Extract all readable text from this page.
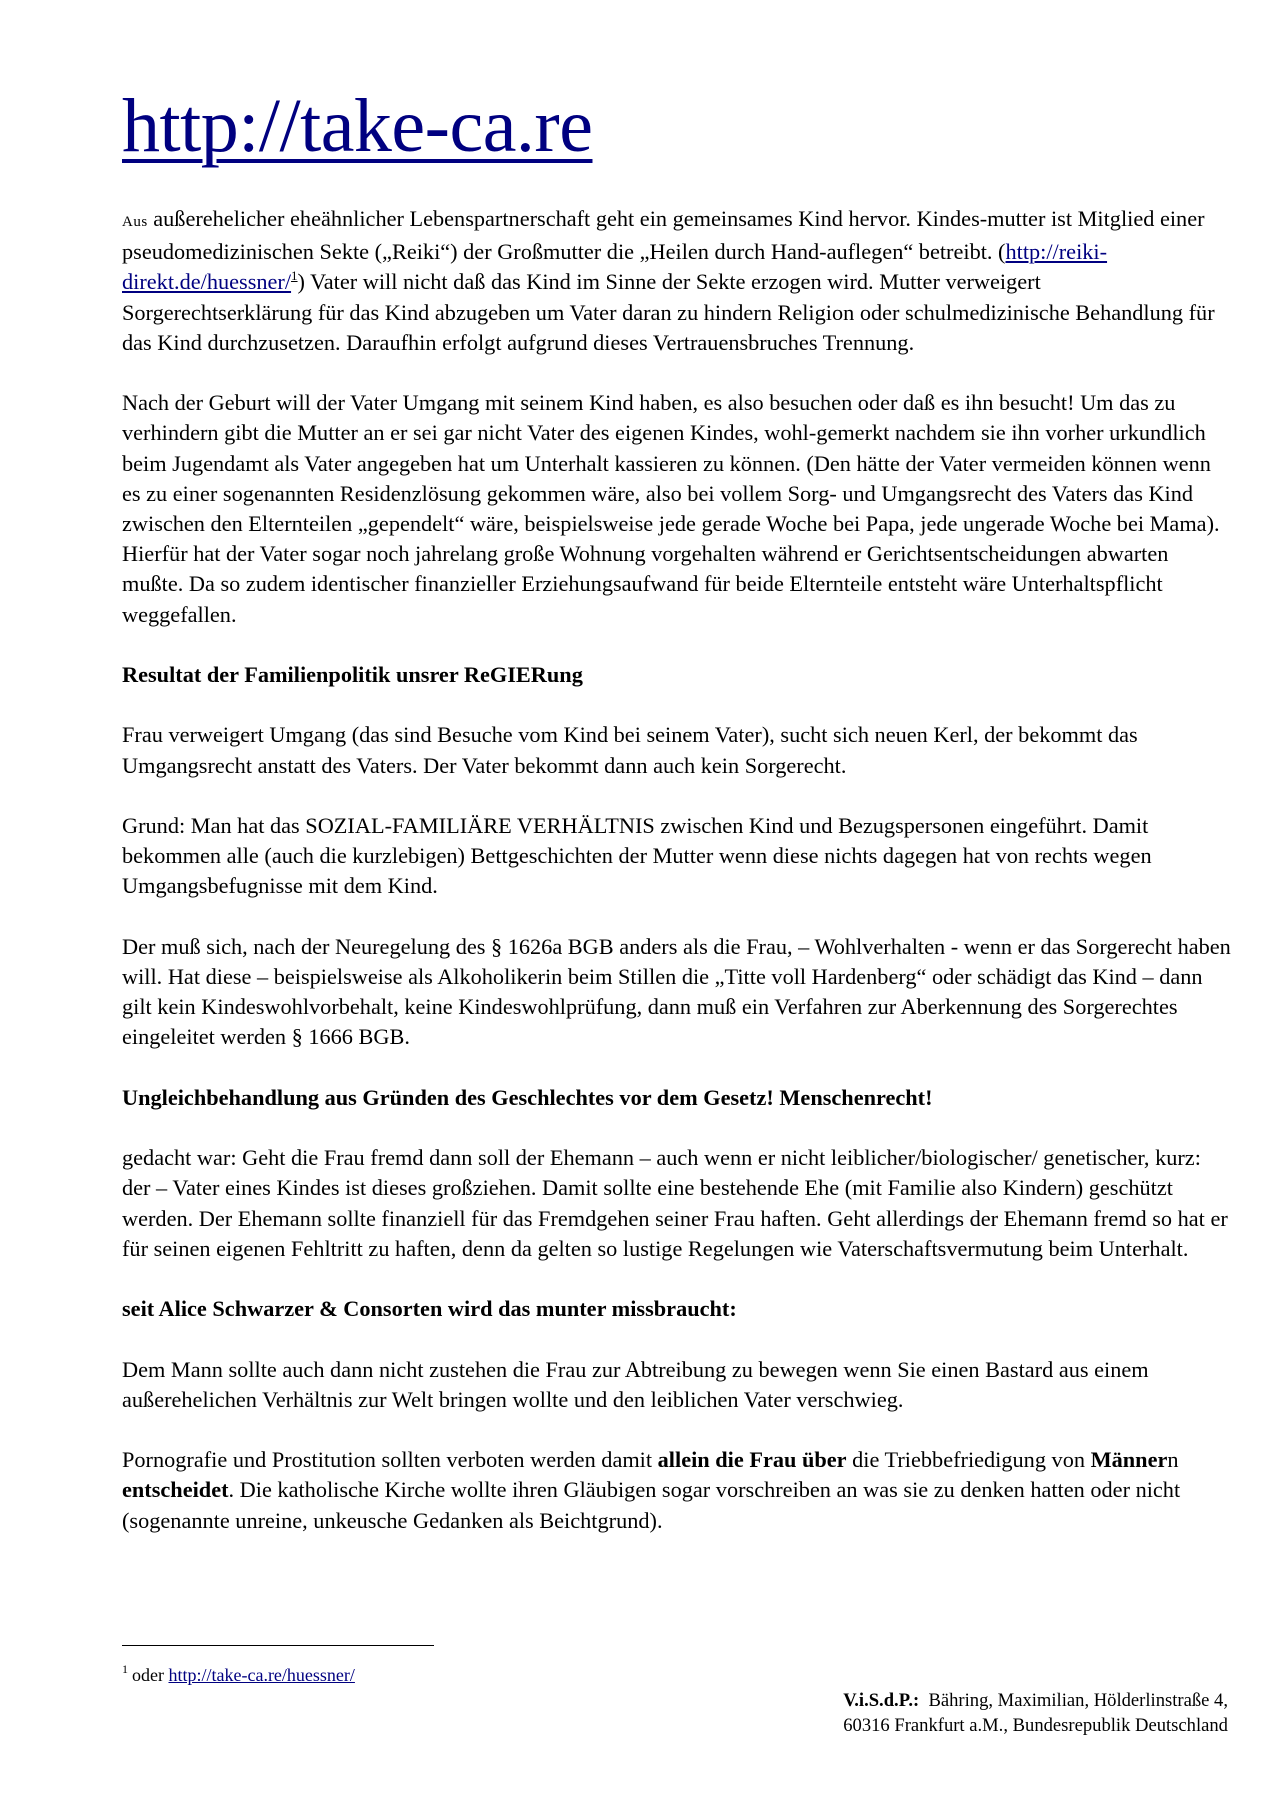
http://take-ca.re

Aus außerehelicher eheähnlicher Lebenspartnerschaft geht ein gemeinsames Kind hervor. Kindes-mutter ist Mitglied einer pseudomedizinischen Sekte („Reiki“) der Großmutter die „Heilen durch Hand-auflegen“ betreibt. (http://reiki-direkt.de/huessner/$^1$) Vater will nicht daß das Kind im Sinne der Sekte erzogen wird. Mutter verweigert Sorgerechtserklärung für das Kind abzugeben um Vater daran zu hindern Religion oder schulmedizinische Behandlung für das Kind durchzusetzen. Daraufhin erfolgt aufgrund dieses Vertrauensbruches Trennung.

Nach der Geburt will der Vater Umgang mit seinem Kind haben, es also besuchen oder daß es ihn besucht! Um das zu verhindern gibt die Mutter an er sei gar nicht Vater des eigenen Kindes, wohl-gemerkt nachdem sie ihn vorher urkundlich beim Jugendamt als Vater angegeben hat um Unterhalt kassieren zu können. (Den hätte der Vater vermeiden können wenn es zu einer sogenannten Residenzlösung gekommen wäre, also bei vollem Sorg- und Umgangsrecht des Vaters das Kind zwischen den Elternteilen „gependelt“ wäre, beispielsweise jede gerade Woche bei Papa, jede ungerade Woche bei Mama). Hierfür hat der Vater sogar noch jahrelang große Wohnung vorgehalten während er Gerichtsentscheidungen abwarten mußte. Da so zudem identischer finanzieller Erziehungsaufwand für beide Elternteile entsteht wäre Unterhaltspflicht weggefallen.

Resultat der Familienpolitik unsrer ReGIERung

Frau verweigert Umgang (das sind Besuche vom Kind bei seinem Vater), sucht sich neuen Kerl, der bekommt das Umgangsrecht anstatt des Vaters. Der Vater bekommt dann auch kein Sorgerecht.

Grund: Man hat das SOZIAL-FAMILIÄRE VERHÄLTNIS zwischen Kind und Bezugspersonen eingeführt. Damit bekommen alle (auch die kurzlebigen) Bettgeschichten der Mutter wenn diese nichts dagegen hat von rechts wegen Umgangsbefugnisse mit dem Kind.

Der muß sich, nach der Neuregelung des § 1626a BGB anders als die Frau, – Wohlverhalten - wenn er das Sorgerecht haben will. Hat diese – beispielsweise als Alkoholikerin beim Stillen die „Titte voll Hardenberg“ oder schädigt das Kind – dann gilt kein Kindeswohlvorbehalt, keine Kindeswohlprüfung, dann muß ein Verfahren zur Aberkennung des Sorgerechtes eingeleitet werden § 1666 BGB.

Ungleichbehandlung aus Gründen des Geschlechtes vor dem Gesetz! Menschenrecht!

gedacht war: Geht die Frau fremd dann soll der Ehemann – auch wenn er nicht leiblicher/biologischer/ genetischer, kurz: der – Vater eines Kindes ist dieses großziehen. Damit sollte eine bestehende Ehe (mit Familie also Kindern) geschützt werden. Der Ehemann sollte finanziell für das Fremdgehen seiner Frau haften. Geht allerdings der Ehemann fremd so hat er für seinen eigenen Fehltritt zu haften, denn da gelten so lustige Regelungen wie Vaterschaftsvermutung beim Unterhalt.

seit Alice Schwarzer & Consorten wird das munter missbraucht:

Dem Mann sollte auch dann nicht zustehen die Frau zur Abtreibung zu bewegen wenn Sie einen Bastard aus einem außerehelichen Verhältnis zur Welt bringen wollte und den leiblichen Vater verschwieg.

Pornografie und Prostitution sollten verboten werden damit allein die Frau über die Triebbefriedigung von Männern entscheidet. Die katholische Kirche wollte ihren Gläubigen sogar vorschreiben an was sie zu denken hatten oder nicht (sogenannte unreine, unkeusche Gedanken als Beichtgrund).

$^1$ oder http://take-ca.re/huessner/
V.i.S.d.P.:  Bähring, Maximilian, Hölderlinstraße 4,
60316 Frankfurt a.M., Bundesrepublik Deutschland
